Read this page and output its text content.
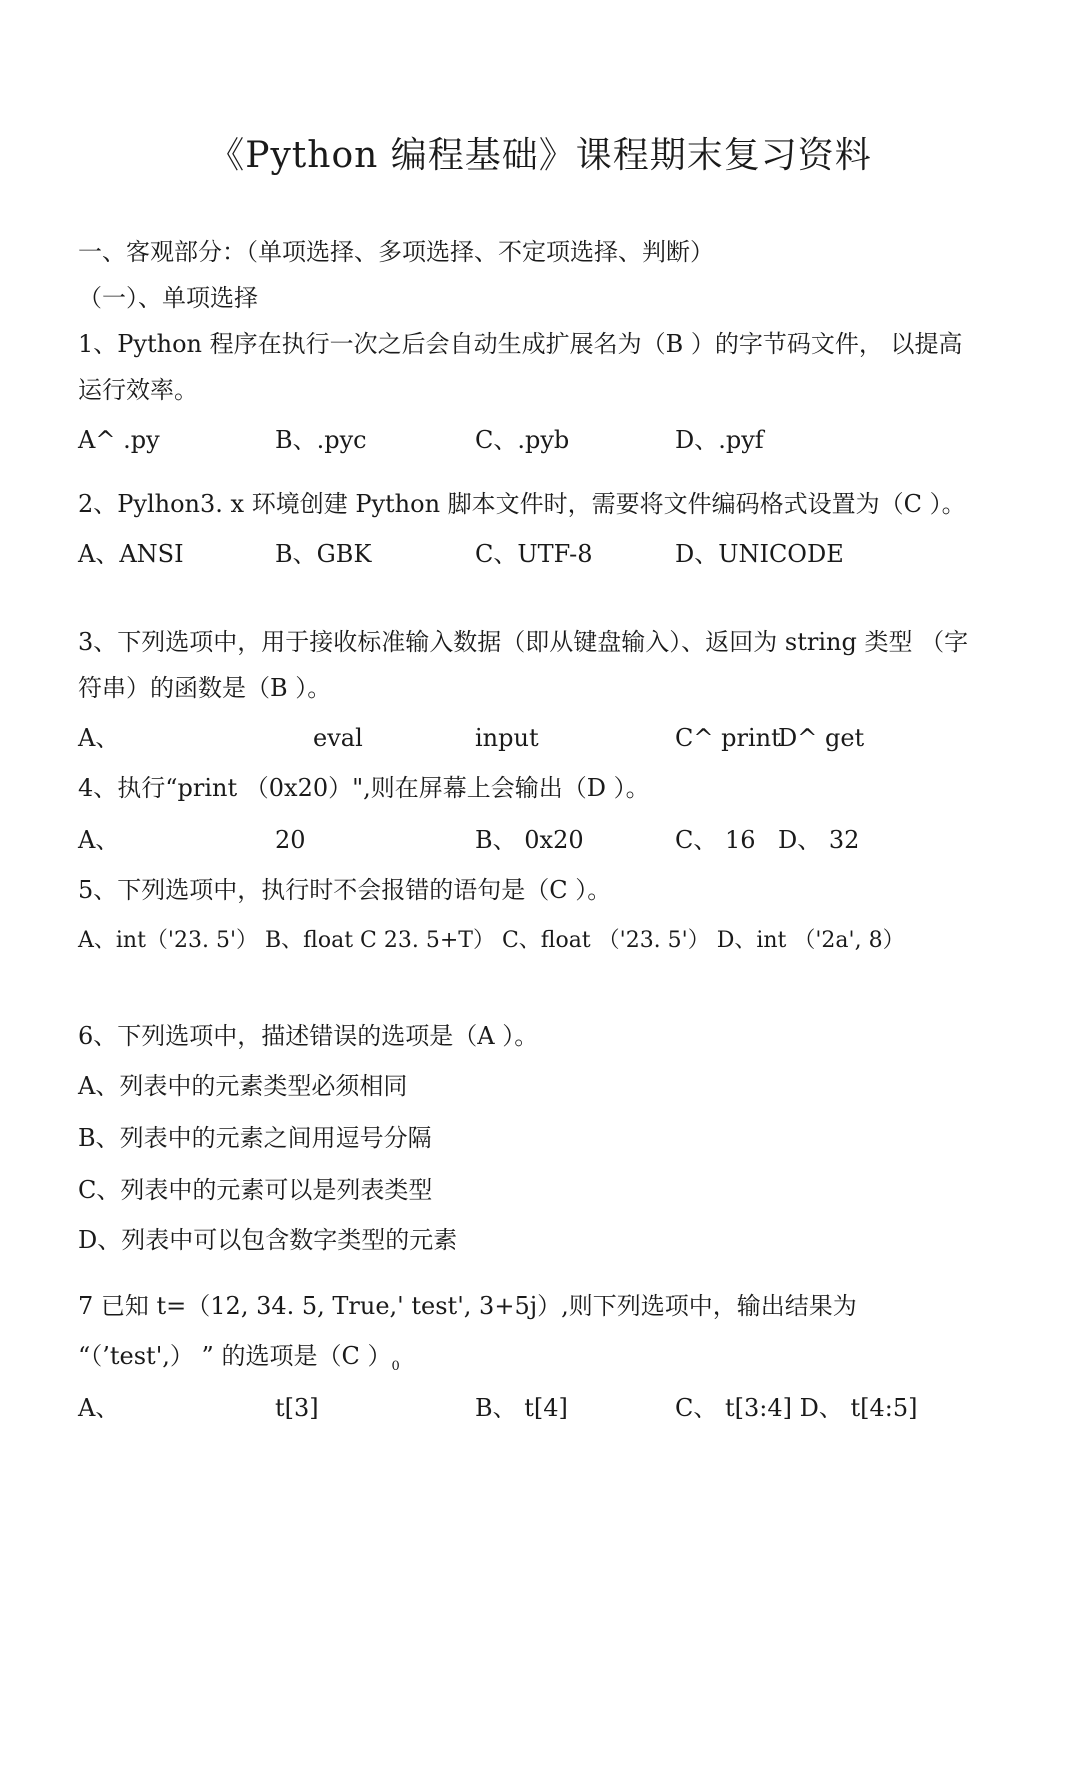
《Python 编程基础》课程期末复习资料
一、客观部分：（单项选择、多项选择、不定项选择、判断）
（一）、单项选择
1、Python 程序在执行一次之后会自动生成扩展名为（B ）的字节码文件， 以提高
运行效率。
A^ .py	B、.pyc	C、.pyb	D、.pyf
2、Pylhon3. x 环境创建 Python 脚本文件时，需要将文件编码格式设置为（C ）。
A、ANSI	B、GBK	C、UTF-8	D、UNICODE
3、下列选项中，用于接收标准输入数据（即从键盘输入）、返回为 string 类型 （字
符串）的函数是（B ）。
A、	eval	input	C^ print
D^ get
4、执行“print （0x20）",则在屏幕上会输出（D ）。
A、	20	B、 0x20	C、 16 D、 32
5、下列选项中，执行时不会报错的语句是（C ）。
A、int（'23. 5'） B、float C 23. 5+T） C、float （'23. 5'） D、int （'2a', 8）
6、下列选项中，描述错误的选项是（A ）。
A、列表中的元素类型必须相同
B、列表中的元素之间用逗号分隔
C、列表中的元素可以是列表类型
D、列表中可以包含数字类型的元素
7 已知 t=（12, 34. 5, True,' test', 3+5j）,则下列选项中，输出结果为
“（’test',） ” 的选项是（C ）$_0$
A、	t[3]	B、 t[4]	C、 t[3:4] D、 t[4:5]
